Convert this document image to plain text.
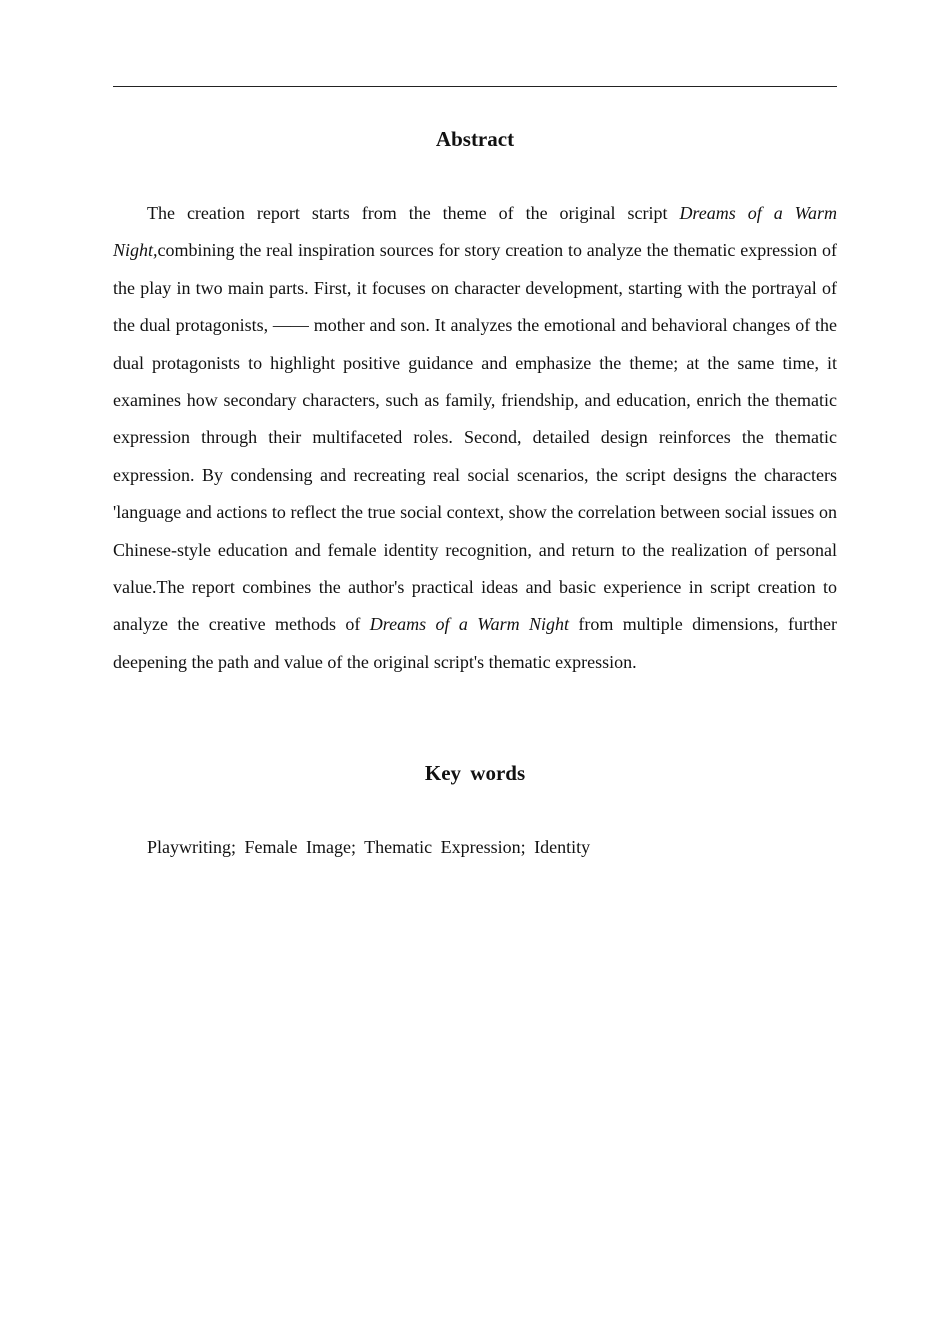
Abstract

The creation report starts from the theme of the original script Dreams of a Warm Night,combining the real inspiration sources for story creation to analyze the thematic expression of the play in two main parts. First, it focuses on character development, starting with the portrayal of the dual protagonists, —— mother and son. It analyzes the emotional and behavioral changes of the dual protagonists to highlight positive guidance and emphasize the theme; at the same time, it examines how secondary characters, such as family, friendship, and education, enrich the thematic expression through their multifaceted roles. Second, detailed design reinforces the thematic expression. By condensing and recreating real social scenarios, the script designs the characters 'language and actions to reflect the true social context, show the correlation between social issues on Chinese-style education and female identity recognition, and return to the realization of personal value.The report combines the author's practical ideas and basic experience in script creation to analyze the creative methods of Dreams of a Warm Night from multiple dimensions, further deepening the path and value of the original script's thematic expression.

Key words

Playwriting; Female Image; Thematic Expression; Identity
